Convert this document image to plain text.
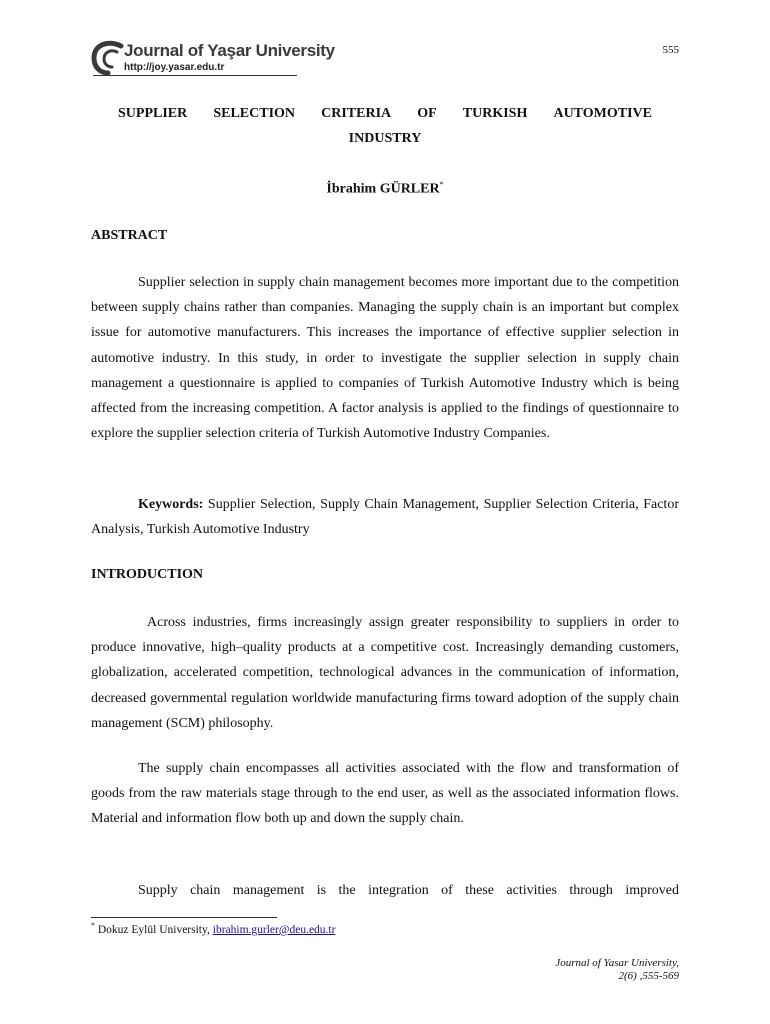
555
Journal of Yaşar University
http://joy.yasar.edu.tr
SUPPLIER SELECTION CRITERIA OF TURKISH AUTOMOTIVE
INDUSTRY
İbrahim GÜRLER*
ABSTRACT
Supplier selection in supply chain management becomes more important due to the competition between supply chains rather than companies. Managing the supply chain is an important but complex issue for automotive manufacturers. This increases the importance of effective supplier selection in automotive industry. In this study, in order to investigate the supplier selection in supply chain management a questionnaire is applied to companies of Turkish Automotive Industry which is being affected from the increasing competition. A factor analysis is applied to the findings of questionnaire to explore the supplier selection criteria of Turkish Automotive Industry Companies.
Keywords: Supplier Selection, Supply Chain Management, Supplier Selection Criteria, Factor Analysis, Turkish Automotive Industry
INTRODUCTION
Across industries, firms increasingly assign greater responsibility to suppliers in order to produce innovative, high–quality products at a competitive cost. Increasingly demanding customers, globalization, accelerated competition, technological advances in the communication of information, decreased governmental regulation worldwide manufacturing firms toward adoption of the supply chain management (SCM) philosophy.
The supply chain encompasses all activities associated with the flow and transformation of goods from the raw materials stage through to the end user, as well as the associated information flows. Material and information flow both up and down the supply chain.
Supply chain management is the integration of these activities through improved
* Dokuz Eylül University, ibrahim.gurler@deu.edu.tr
Journal of Yasar University,
2(6) ,555-569
